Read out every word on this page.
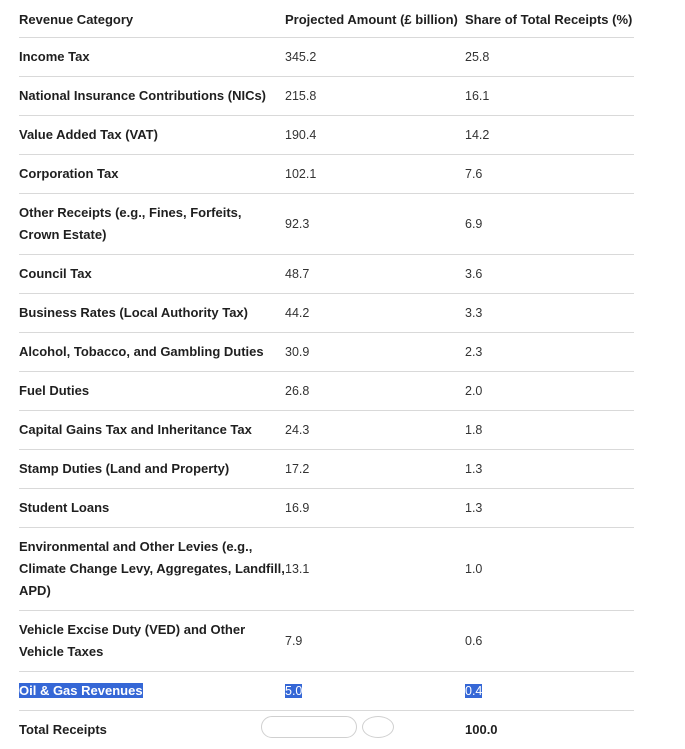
Revenue Category	Projected Amount (£ billion)	Share of Total Receipts (%)
Income Tax	345.2	25.8
National Insurance Contributions (NICs)	215.8	16.1
Value Added Tax (VAT)	190.4	14.2
Corporation Tax	102.1	7.6
Other Receipts (e.g., Fines, Forfeits, Crown Estate)	92.3	6.9
Council Tax	48.7	3.6
Business Rates (Local Authority Tax)	44.2	3.3
Alcohol, Tobacco, and Gambling Duties	30.9	2.3
Fuel Duties	26.8	2.0
Capital Gains Tax and Inheritance Tax	24.3	1.8
Stamp Duties (Land and Property)	17.2	1.3
Student Loans	16.9	1.3
Environmental and Other Levies (e.g., Climate Change Levy, Aggregates, Landfill, APD)	13.1	1.0
Vehicle Excise Duty (VED) and Other Vehicle Taxes	7.9	0.6
Oil & Gas Revenues	5.0	0.4
Total Receipts		100.0
